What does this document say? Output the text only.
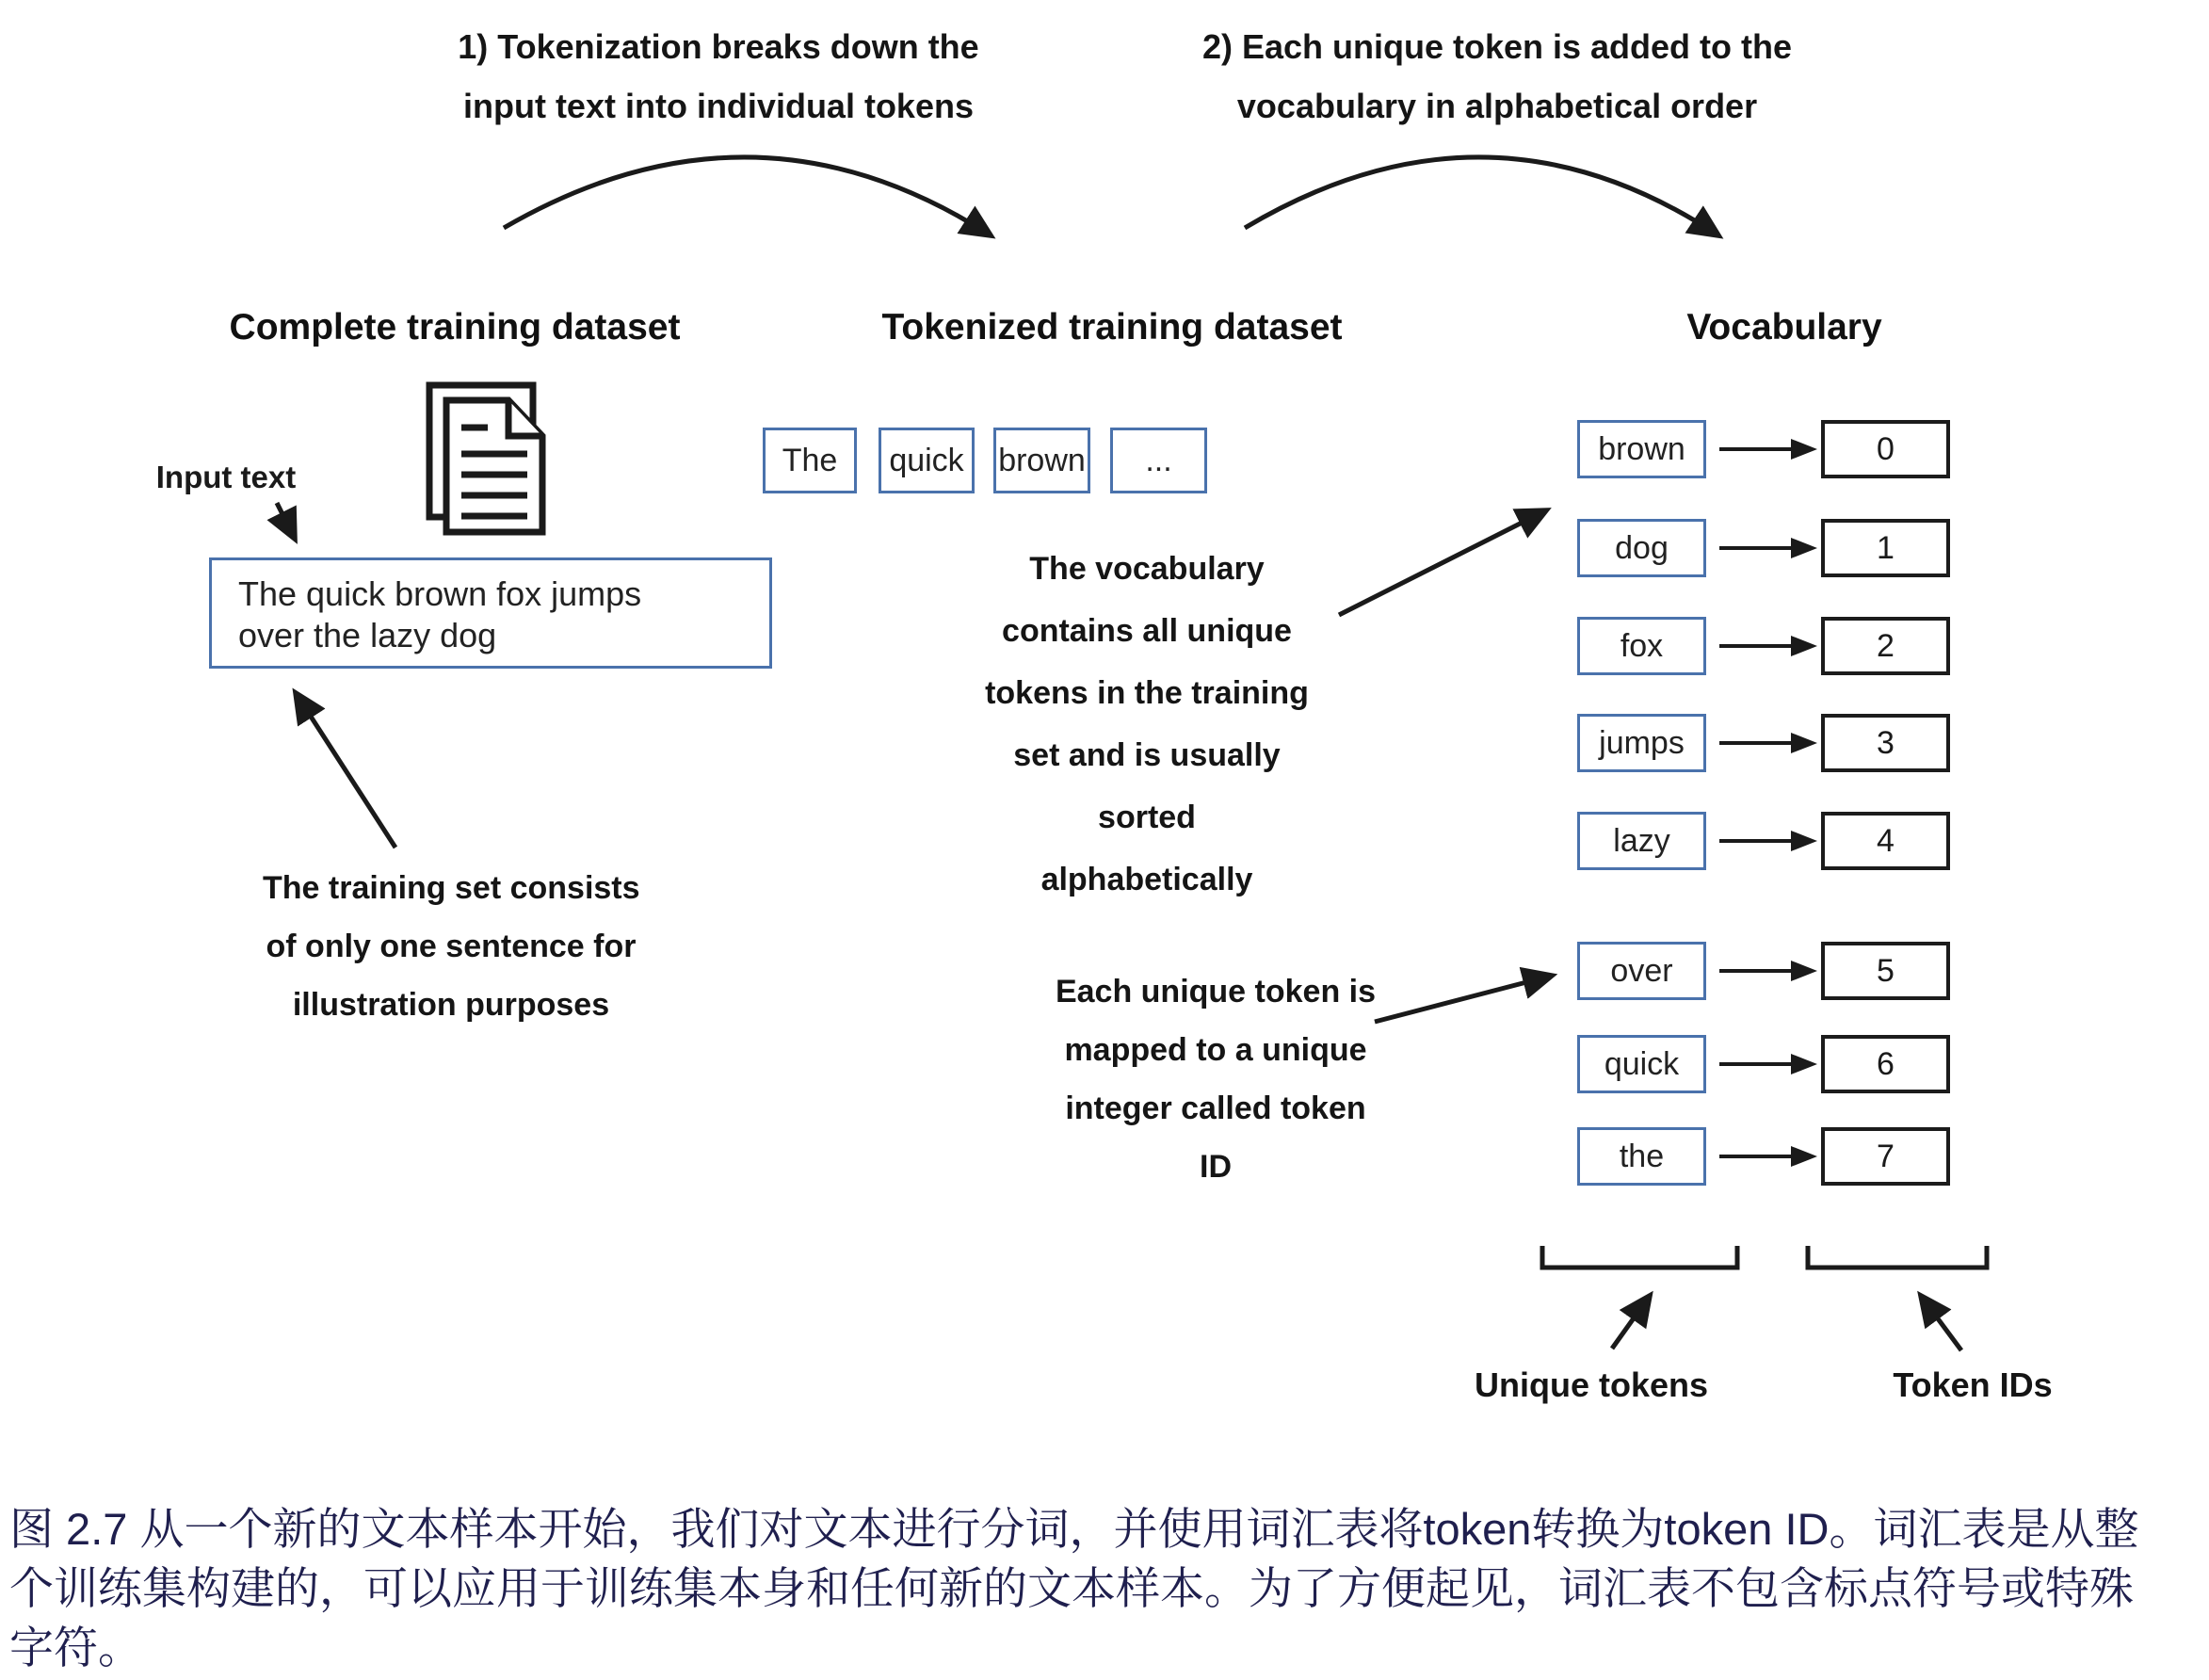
1) Tokenization breaks down the
input text into individual tokens
2) Each unique token is added to the
vocabulary in alphabetical order
Complete training dataset	Tokenized training dataset	Vocabulary
Input text
The quick brown fox jumps
over the lazy dog
The training set consists
of only one sentence for
illustration purposes
The	quick	brown	...
The vocabulary
contains all unique
tokens in the training
set and is usually
sorted
alphabetically
Each unique token is
mapped to a unique
integer called token
ID
brown	0
dog	1
fox	2
jumps	3
lazy	4
over	5
quick	6
the	7
Unique tokens	Token IDs
图 2.7 从一个新的文本样本开始，我们对文本进行分词，并使用词汇表将token转换为token ID。词汇表是从整
个训练集构建的，可以应用于训练集本身和任何新的文本样本。为了方便起见，词汇表不包含标点符号或特殊
字符。
